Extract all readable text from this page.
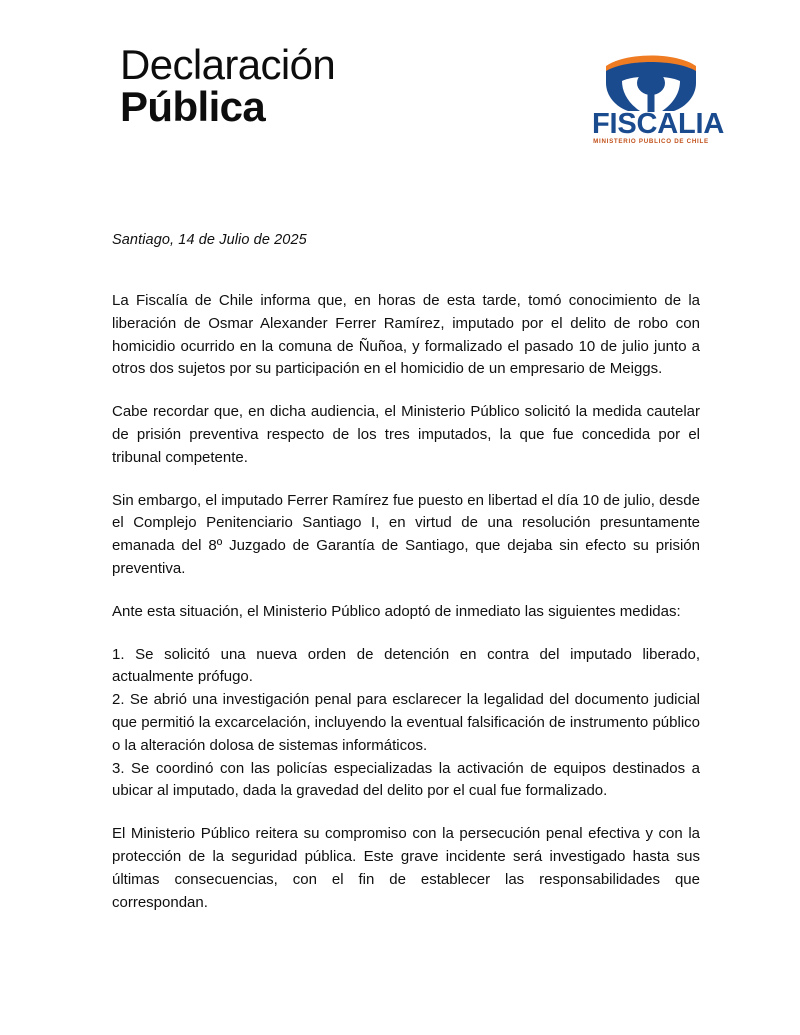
Declaración
Pública	FISCALIA
MINISTERIO PUBLICO DE CHILE

Santiago, 14 de Julio de 2025

La Fiscalía de Chile informa que, en horas de esta tarde, tomó conocimiento de la liberación de Osmar Alexander Ferrer Ramírez, imputado por el delito de robo con homicidio ocurrido en la comuna de Ñuñoa, y formalizado el pasado 10 de julio junto a otros dos sujetos por su participación en el homicidio de un empresario de Meiggs.

Cabe recordar que, en dicha audiencia, el Ministerio Público solicitó la medida cautelar de prisión preventiva respecto de los tres imputados, la que fue concedida por el tribunal competente.

Sin embargo, el imputado Ferrer Ramírez fue puesto en libertad el día 10 de julio, desde el Complejo Penitenciario Santiago I, en virtud de una resolución presuntamente emanada del 8º Juzgado de Garantía de Santiago, que dejaba sin efecto su prisión preventiva.

Ante esta situación, el Ministerio Público adoptó de inmediato las siguientes medidas:

1. Se solicitó una nueva orden de detención en contra del imputado liberado, actualmente prófugo.

2. Se abrió una investigación penal para esclarecer la legalidad del documento judicial que permitió la excarcelación, incluyendo la eventual falsificación de instrumento público o la alteración dolosa de sistemas informáticos.

3. Se coordinó con las policías especializadas la activación de equipos destinados a ubicar al imputado, dada la gravedad del delito por el cual fue formalizado.

El Ministerio Público reitera su compromiso con la persecución penal efectiva y con la protección de la seguridad pública. Este grave incidente será investigado hasta sus últimas consecuencias, con el fin de establecer las responsabilidades que correspondan.
